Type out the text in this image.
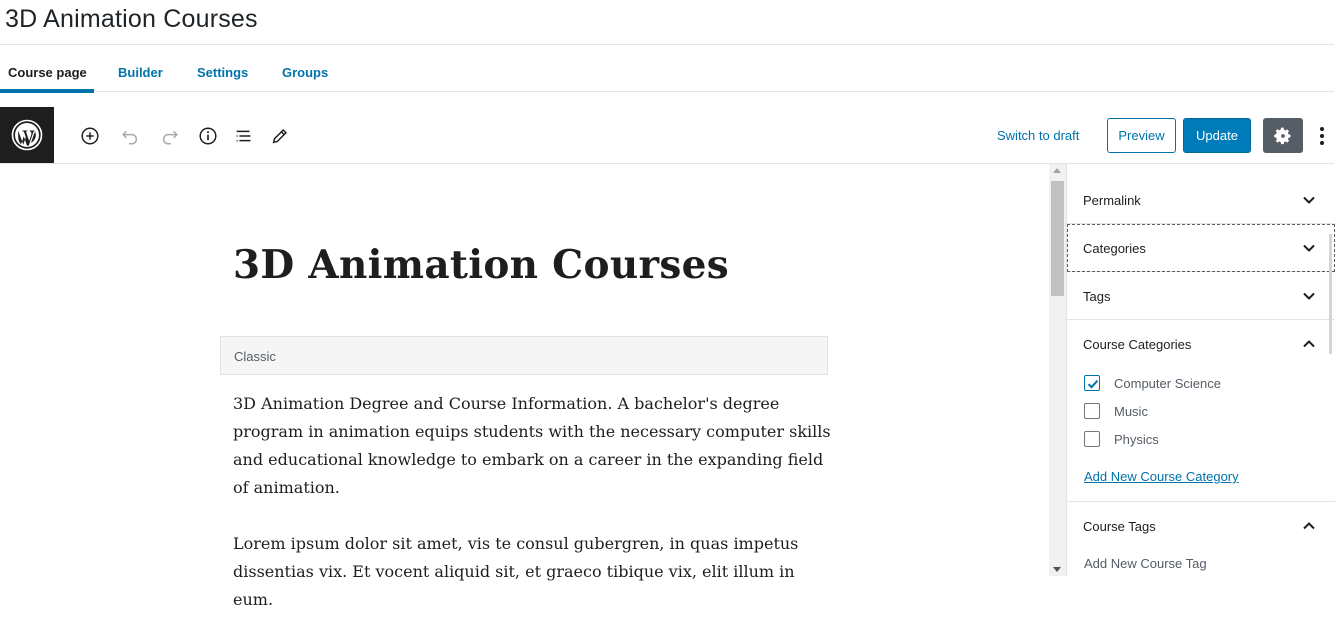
3D Animation Courses
Course page Builder	Settings	Groups
Switch to draft	Preview	Update
3D Animation Courses
Classic

3D Animation Degree and Course Information. A bachelor's degree program in animation equips students with the necessary computer skills and educational knowledge to embark on a career in the expanding field of animation.

Lorem ipsum dolor sit amet, vis te consul gubergren, in quas impetus dissentias vix. Et vocent aliquid sit, et graeco tibique vix, elit illum in eum.

Permalink
Categories
Tags
Course Categories
Computer Science
Music
Physics
Add New Course Category
Course Tags
Add New Course Tag
